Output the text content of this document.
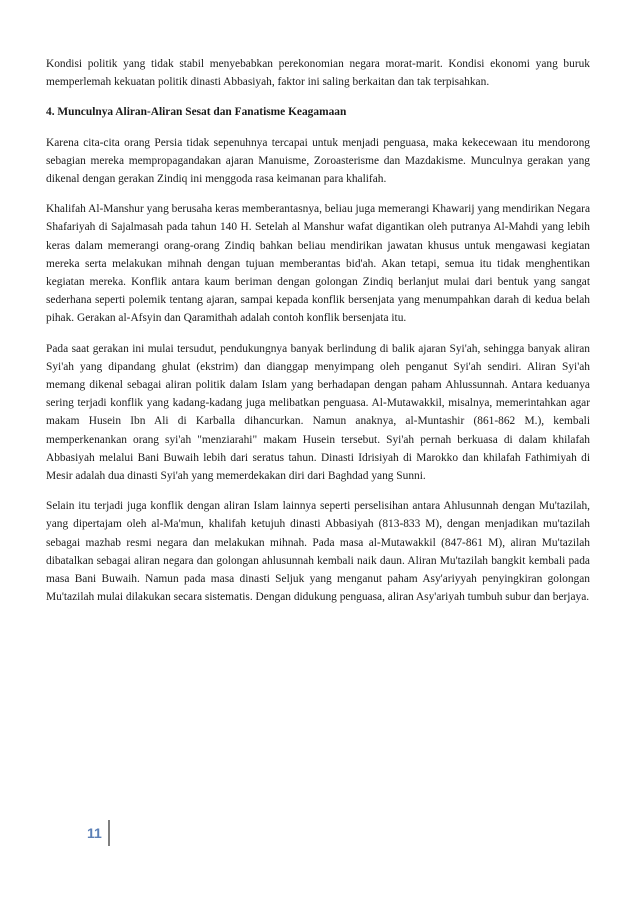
Kondisi politik yang tidak stabil menyebabkan perekonomian negara morat-marit. Kondisi ekonomi yang buruk memperlemah kekuatan politik dinasti Abbasiyah, faktor ini saling berkaitan dan tak terpisahkan.

4. Munculnya Aliran-Aliran Sesat dan Fanatisme Keagamaan

Karena cita-cita orang Persia tidak sepenuhnya tercapai untuk menjadi penguasa, maka kekecewaan itu mendorong sebagian mereka mempropagandakan ajaran Manuisme, Zoroasterisme dan Mazdakisme. Munculnya gerakan yang dikenal dengan gerakan Zindiq ini menggoda rasa keimanan para khalifah.

Khalifah Al-Manshur yang berusaha keras memberantasnya, beliau juga memerangi Khawarij yang mendirikan Negara Shafariyah di Sajalmasah pada tahun 140 H. Setelah al Manshur wafat digantikan oleh putranya Al-Mahdi yang lebih keras dalam memerangi orang-orang Zindiq bahkan beliau mendirikan jawatan khusus untuk mengawasi kegiatan mereka serta melakukan mihnah dengan tujuan memberantas bid'ah. Akan tetapi, semua itu tidak menghentikan kegiatan mereka. Konflik antara kaum beriman dengan golongan Zindiq berlanjut mulai dari bentuk yang sangat sederhana seperti polemik tentang ajaran, sampai kepada konflik bersenjata yang menumpahkan darah di kedua belah pihak. Gerakan al-Afsyin dan Qaramithah adalah contoh konflik bersenjata itu.

Pada saat gerakan ini mulai tersudut, pendukungnya banyak berlindung di balik ajaran Syi'ah, sehingga banyak aliran Syi'ah yang dipandang ghulat (ekstrim) dan dianggap menyimpang oleh penganut Syi'ah sendiri. Aliran Syi'ah memang dikenal sebagai aliran politik dalam Islam yang berhadapan dengan paham Ahlussunnah. Antara keduanya sering terjadi konflik yang kadang-kadang juga melibatkan penguasa. Al-Mutawakkil, misalnya, memerintahkan agar makam Husein Ibn Ali di Karballa dihancurkan. Namun anaknya, al-Muntashir (861-862 M.), kembali memperkenankan orang syi'ah "menziarahi" makam Husein tersebut. Syi'ah pernah berkuasa di dalam khilafah Abbasiyah melalui Bani Buwaih lebih dari seratus tahun. Dinasti Idrisiyah di Marokko dan khilafah Fathimiyah di Mesir adalah dua dinasti Syi'ah yang memerdekakan diri dari Baghdad yang Sunni.

Selain itu terjadi juga konflik dengan aliran Islam lainnya seperti perselisihan antara Ahlusunnah dengan Mu'tazilah, yang dipertajam oleh al-Ma'mun, khalifah ketujuh dinasti Abbasiyah (813-833 M), dengan menjadikan mu'tazilah sebagai mazhab resmi negara dan melakukan mihnah. Pada masa al-Mutawakkil (847-861 M), aliran Mu'tazilah dibatalkan sebagai aliran negara dan golongan ahlusunnah kembali naik daun. Aliran Mu'tazilah bangkit kembali pada masa Bani Buwaih. Namun pada masa dinasti Seljuk yang menganut paham Asy'ariyyah penyingkiran golongan Mu'tazilah mulai dilakukan secara sistematis. Dengan didukung penguasa, aliran Asy'ariyah tumbuh subur dan berjaya.

11
